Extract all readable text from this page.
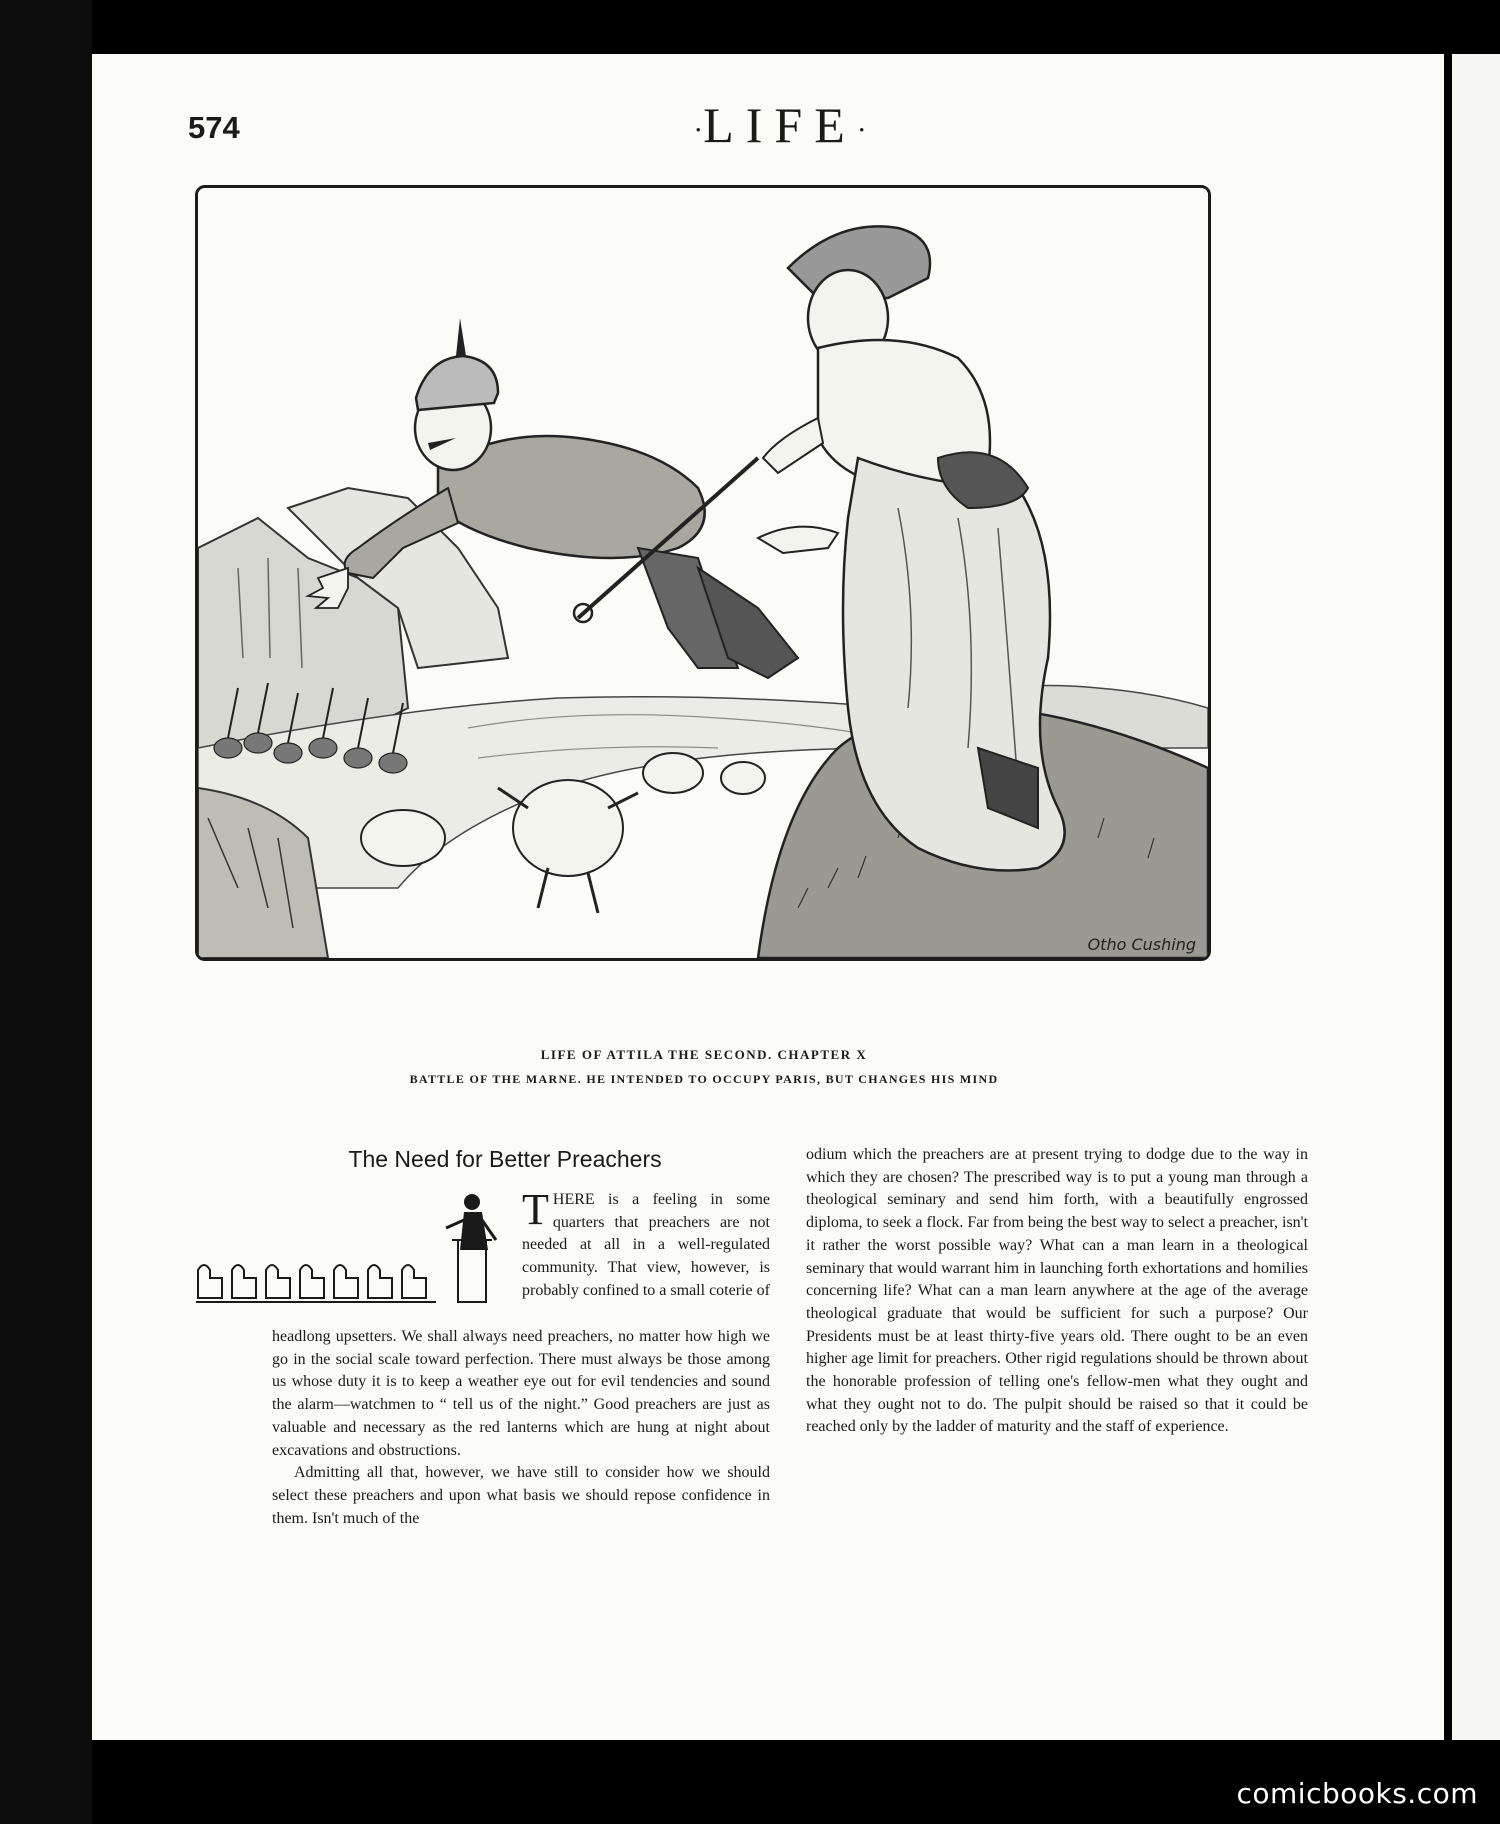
574	·LIFE·
Otho Cushing
LIFE OF ATTILA THE SECOND. CHAPTER X
BATTLE OF THE MARNE. HE INTENDED TO OCCUPY PARIS, BUT CHANGES HIS MIND
The Need for Better Preachers

THERE is a feeling in some quarters that preachers are not needed at all in a well-regulated community. That view, however, is probably confined to a small coterie of

headlong upsetters. We shall always need preachers, no matter how high we go in the social scale toward perfection. There must always be those among us whose duty it is to keep a weather eye out for evil tendencies and sound the alarm—watchmen to “ tell us of the night.” Good preachers are just as valuable and necessary as the red lanterns which are hung at night about excavations and obstructions.

Admitting all that, however, we have still to consider how we should select these preachers and upon what basis we should repose confidence in them. Isn't much of the

odium which the preachers are at present trying to dodge due to the way in which they are chosen? The prescribed way is to put a young man through a theological seminary and send him forth, with a beautifully engrossed diploma, to seek a flock. Far from being the best way to select a preacher, isn't it rather the worst possible way? What can a man learn in a theological seminary that would warrant him in launching forth exhortations and homilies concerning life? What can a man learn anywhere at the age of the average theological graduate that would be sufficient for such a purpose? Our Presidents must be at least thirty-five years old. There ought to be an even higher age limit for preachers. Other rigid regulations should be thrown about the honorable profession of telling one's fellow-men what they ought and what they ought not to do. The pulpit should be raised so that it could be reached only by the ladder of maturity and the staff of experience.

comicbooks.com
